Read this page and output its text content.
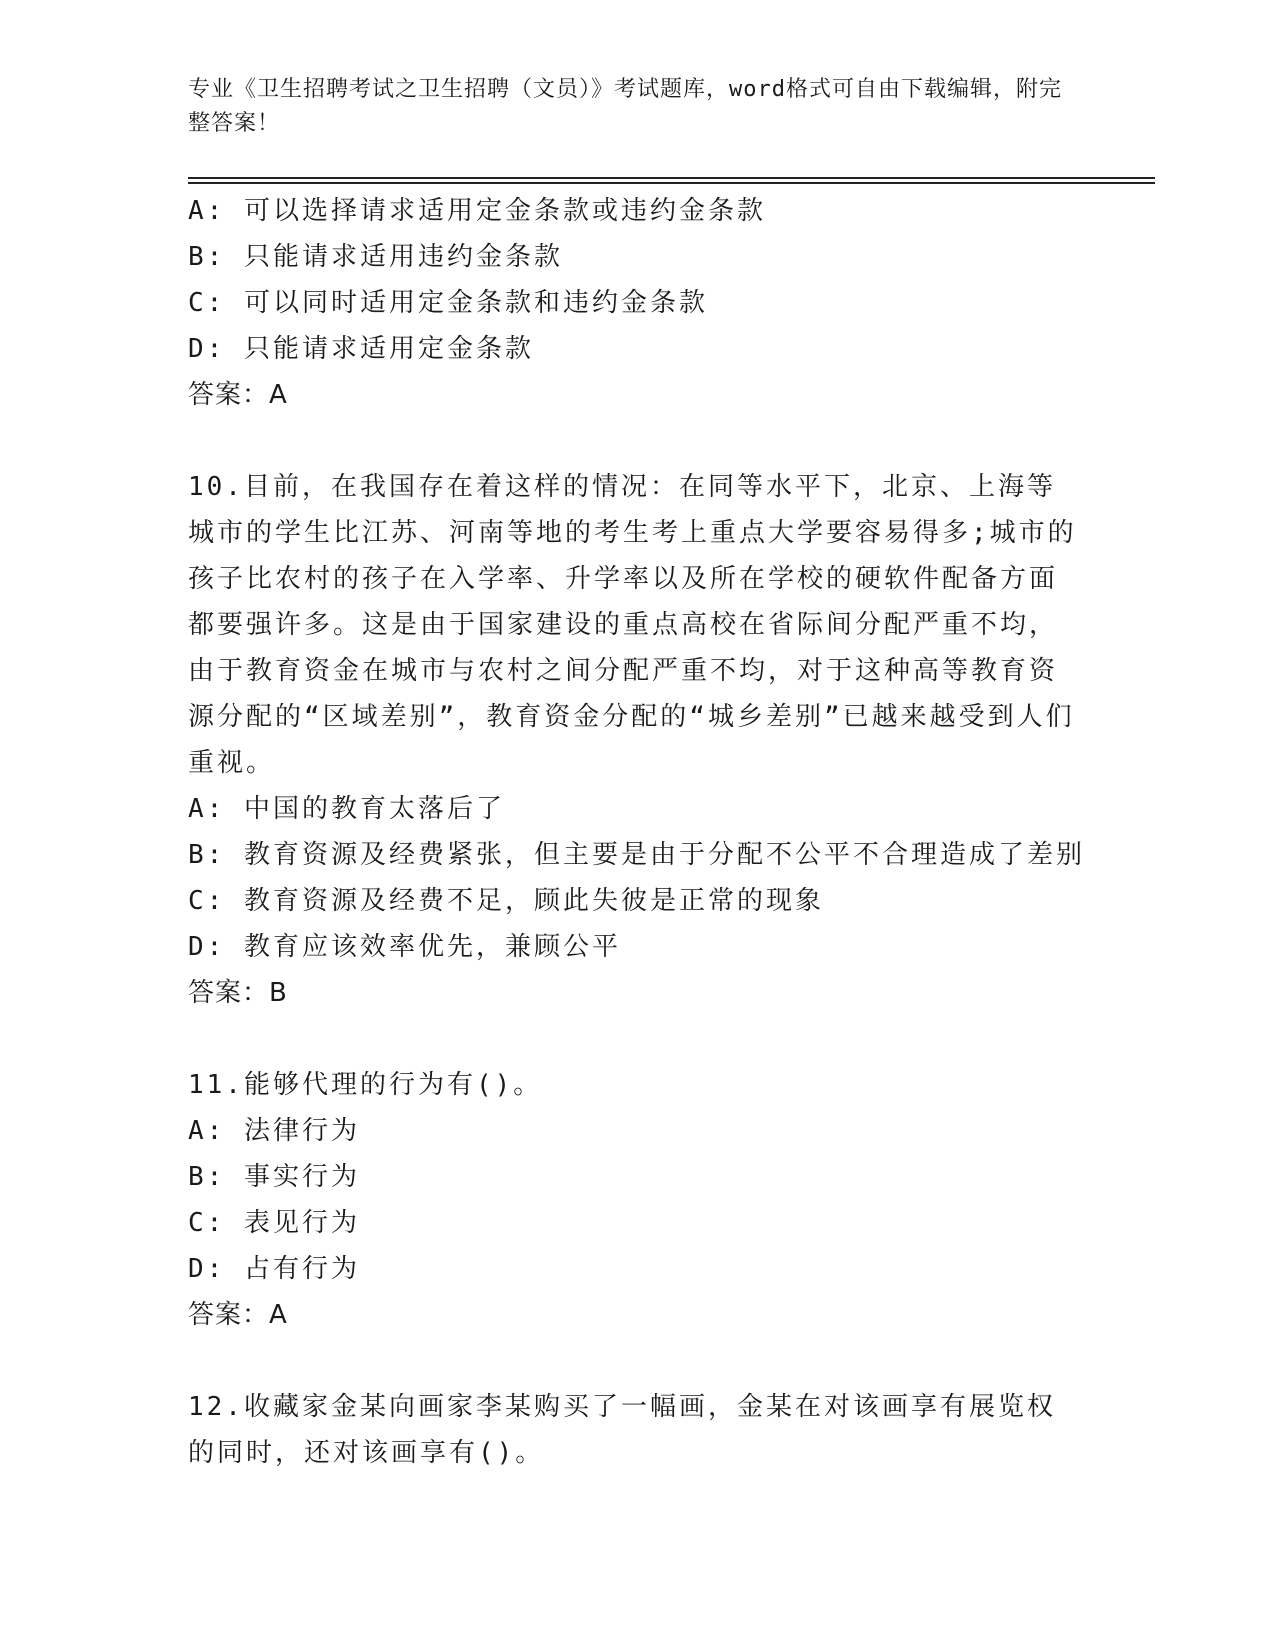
专业《卫生招聘考试之卫生招聘（文员）》考试题库，word格式可自由下载编辑，附完整答案！
A: 可以选择请求适用定金条款或违约金条款
B: 只能请求适用违约金条款
C: 可以同时适用定金条款和违约金条款
D: 只能请求适用定金条款
答案：A
10.目前，在我国存在着这样的情况：在同等水平下，北京、上海等城市的学生比江苏、河南等地的考生考上重点大学要容易得多;城市的孩子比农村的孩子在入学率、升学率以及所在学校的硬软件配备方面都要强许多。这是由于国家建设的重点高校在省际间分配严重不均，由于教育资金在城市与农村之间分配严重不均，对于这种高等教育资源分配的“区域差别”，教育资金分配的“城乡差别”已越来越受到人们重视。
A: 中国的教育太落后了
B: 教育资源及经费紧张，但主要是由于分配不公平不合理造成了差别
C: 教育资源及经费不足，顾此失彼是正常的现象
D: 教育应该效率优先，兼顾公平
答案：B
11.能够代理的行为有()。
A: 法律行为
B: 事实行为
C: 表见行为
D: 占有行为
答案：A
12.收藏家金某向画家李某购买了一幅画，金某在对该画享有展览权的同时，还对该画享有()。
